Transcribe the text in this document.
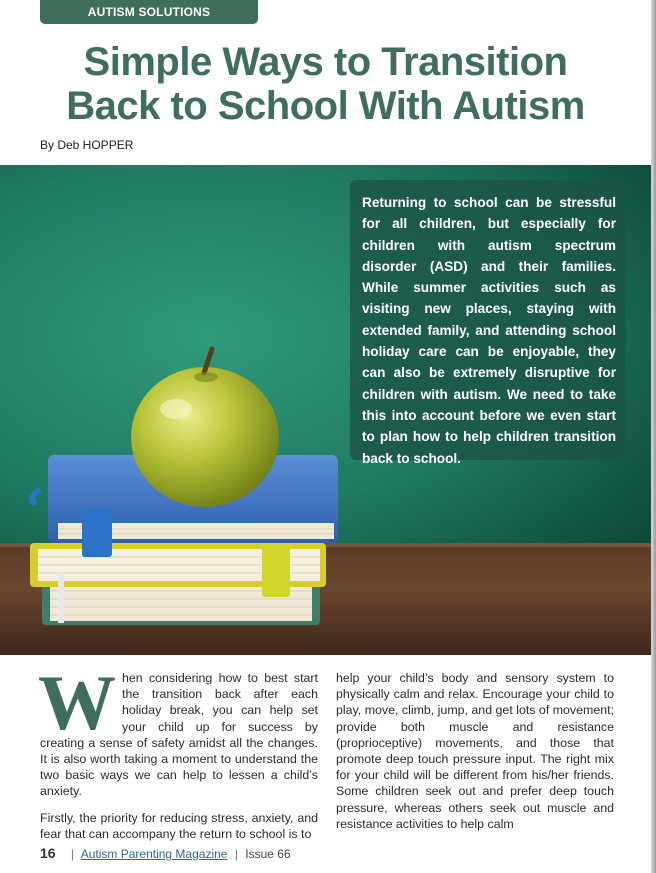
AUTISM SOLUTIONS
Simple Ways to Transition
Back to School With Autism
By Deb HOPPER

Returning to school can be stressful for all children, but especially for children with autism spectrum disorder (ASD) and their families. While summer activities such as visiting new places, staying with extended family, and attending school holiday care can be enjoyable, they can also be extremely disruptive for children with autism. We need to take this into account before we even start to plan how to help children transition back to school.

When considering how to best start the transition back after each holiday break, you can help set your child up for success by creating a sense of safety amidst all the changes. It is also worth taking a moment to understand the two basic ways we can help to lessen a child’s anxiety.

Firstly, the priority for reducing stress, anxiety, and fear that can accompany the return to school is to

help your child’s body and sensory system to physically calm and relax. Encourage your child to play, move, climb, jump, and get lots of movement; provide both muscle and resistance (proprioceptive) movements, and those that promote deep touch pressure input. The right mix for your child will be different from his/her friends. Some children seek out and prefer deep touch pressure, whereas others seek out muscle and resistance activities to help calm

16 | Autism Parenting Magazine | Issue 66
